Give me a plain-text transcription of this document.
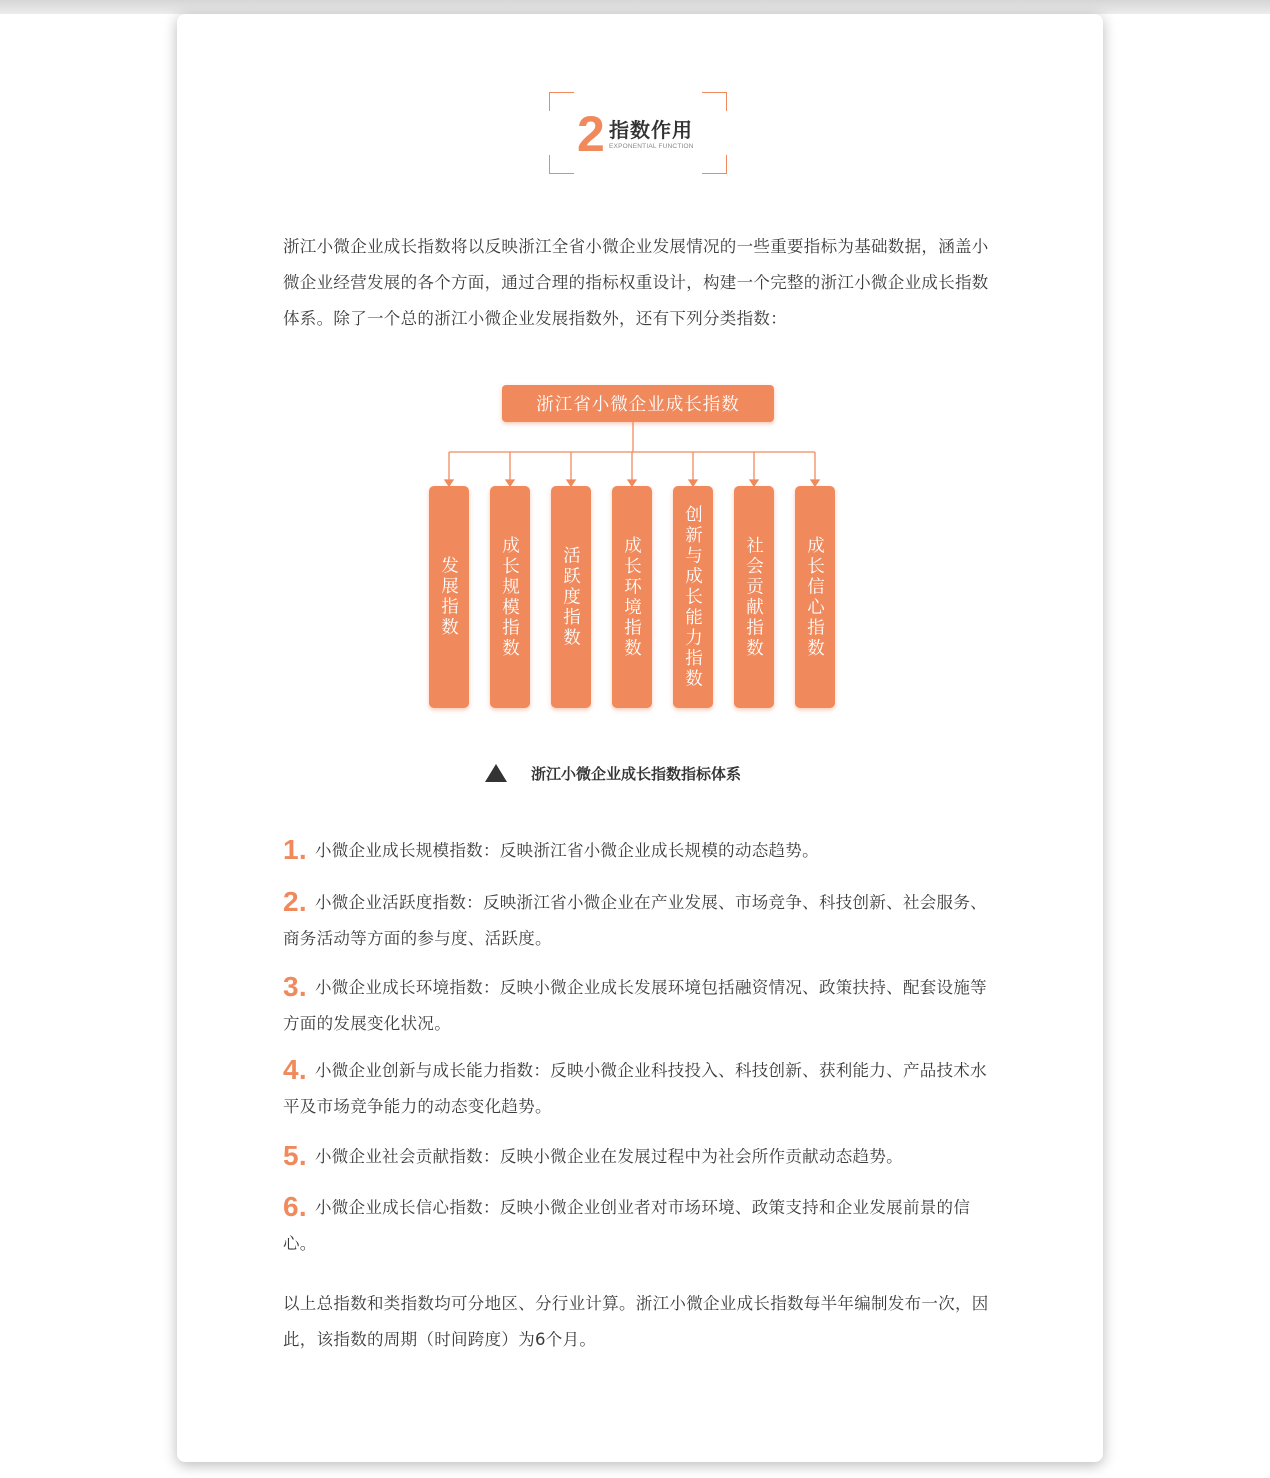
2 指数作用
EXPONENTIAL FUNCTION
浙江小微企业成长指数将以反映浙江全省小微企业发展情况的一些重要指标为基础数据，涵盖小微企业经营发展的各个方面，通过合理的指标权重设计，构建一个完整的浙江小微企业成长指数体系。除了一个总的浙江小微企业发展指数外，还有下列分类指数：
浙江省小微企业成长指数
发展指数	成长规模指数	活跃度指数	成长环境指数	创新与成长能力指数	社会贡献指数	成长信心指数
浙江小微企业成长指数指标体系
1. 小微企业成长规模指数：反映浙江省小微企业成长规模的动态趋势。
2. 小微企业活跃度指数：反映浙江省小微企业在产业发展、市场竞争、科技创新、社会服务、商务活动等方面的参与度、活跃度。
3. 小微企业成长环境指数：反映小微企业成长发展环境包括融资情况、政策扶持、配套设施等方面的发展变化状况。
4. 小微企业创新与成长能力指数：反映小微企业科技投入、科技创新、获利能力、产品技术水平及市场竞争能力的动态变化趋势。
5. 小微企业社会贡献指数：反映小微企业在发展过程中为社会所作贡献动态趋势。
6. 小微企业成长信心指数：反映小微企业创业者对市场环境、政策支持和企业发展前景的信心。
以上总指数和类指数均可分地区、分行业计算。浙江小微企业成长指数每半年编制发布一次，因此，该指数的周期（时间跨度）为6个月。
